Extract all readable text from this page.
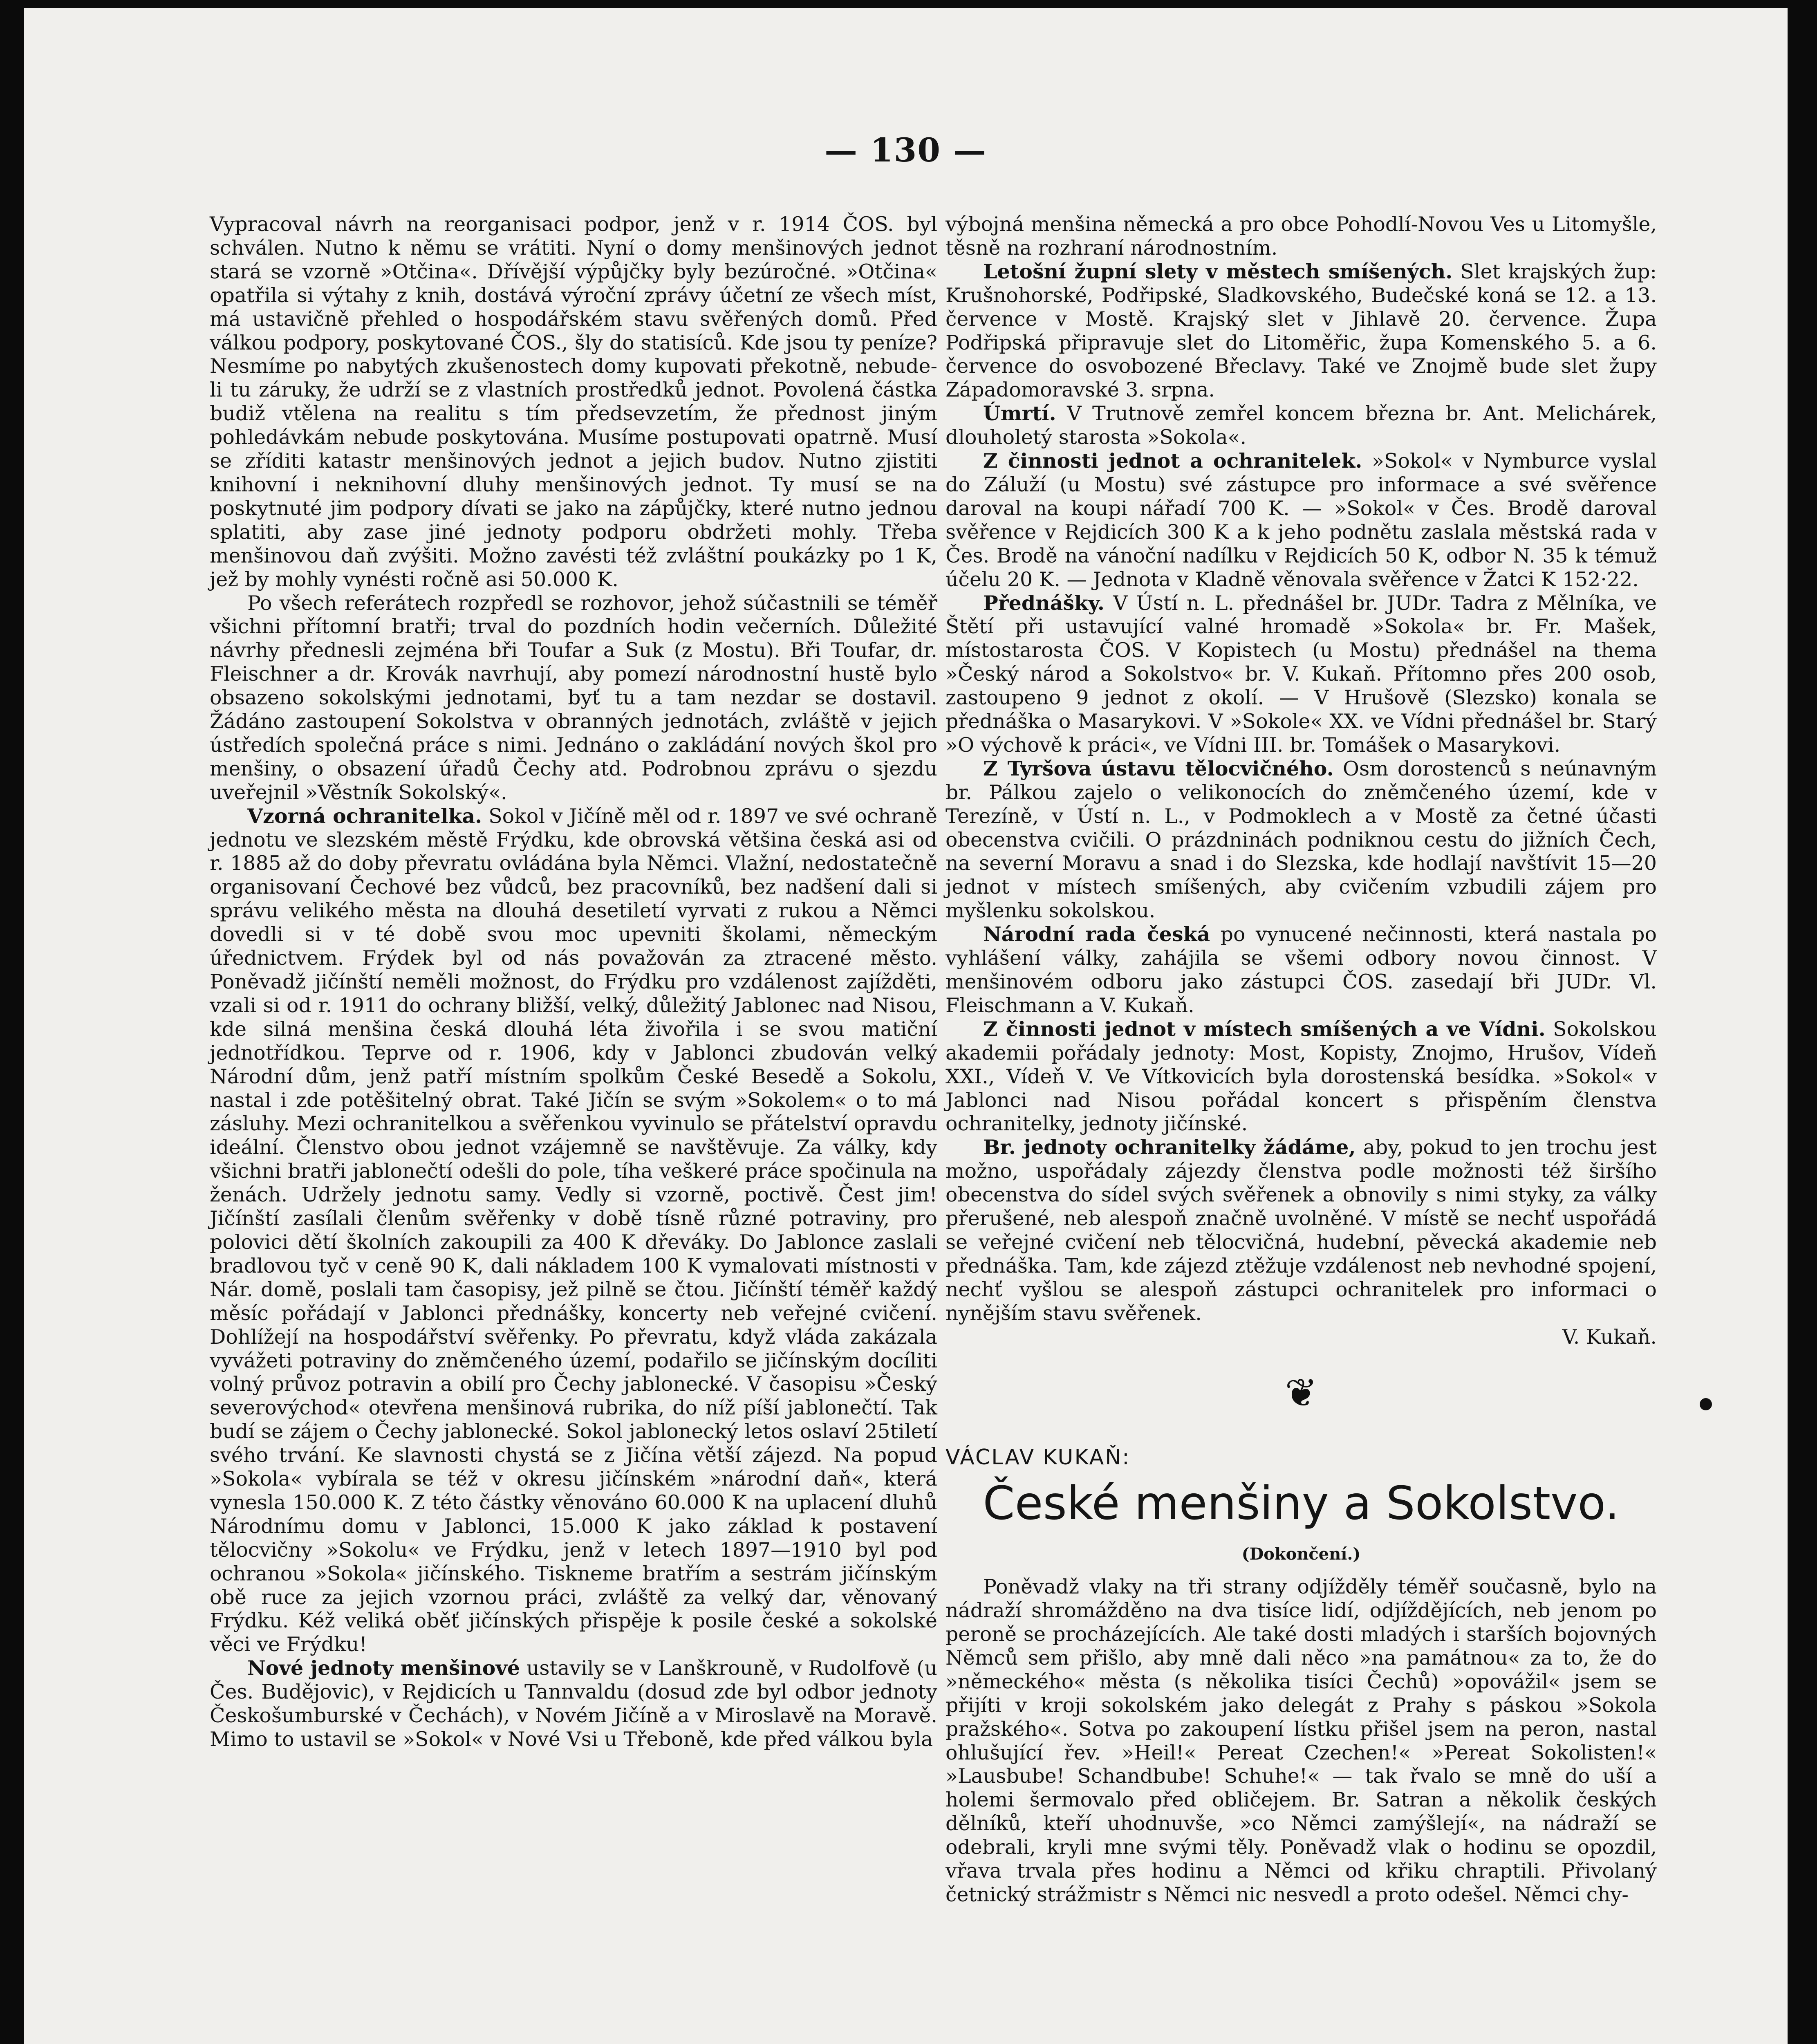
— 130 —

Vypracoval návrh na reorganisaci podpor, jenž v r. 1914 ČOS. byl schválen. Nutno k němu se vrátiti. Nyní o domy menšinových jednot stará se vzorně »Otčina«. Dřívější výpůjčky byly bezúročné. »Otčina« opatřila si výtahy z knih, dostává výroční zprávy účetní ze všech míst, má ustavičně přehled o hospodářském stavu svěřených domů. Před válkou podpory, poskytované ČOS., šly do statisíců. Kde jsou ty peníze? Nesmíme po nabytých zkušenostech domy kupovati překotně, nebude-li tu záruky, že udrží se z vlastních prostředků jednot. Povolená částka budiž vtělena na realitu s tím předsevzetím, že přednost jiným pohledávkám nebude poskytována. Musíme postupovati opatrně. Musí se zříditi katastr menšinových jednot a jejich budov. Nutno zjistiti knihovní i neknihovní dluhy menšinových jednot. Ty musí se na poskytnuté jim podpory dívati se jako na zápůjčky, které nutno jednou splatiti, aby zase jiné jednoty podporu obdržeti mohly. Třeba menšinovou daň zvýšiti. Možno zavésti též zvláštní poukázky po 1 K, jež by mohly vynésti ročně asi 50.000 K.

Po všech referátech rozpředl se rozhovor, jehož súčastnili se téměř všichni přítomní bratři; trval do pozdních hodin večerních. Důležité návrhy přednesli zejména bři Toufar a Suk (z Mostu). Bři Toufar, dr. Fleischner a dr. Krovák navrhují, aby pomezí národnostní hustě bylo obsazeno sokolskými jednotami, byť tu a tam nezdar se dostavil. Žádáno zastoupení Sokolstva v obranných jednotách, zvláště v jejich ústředích společná práce s nimi. Jednáno o zakládání nových škol pro menšiny, o obsazení úřadů Čechy atd. Podrobnou zprávu o sjezdu uveřejnil »Věstník Sokolský«.

Vzorná ochranitelka. Sokol v Jičíně měl od r. 1897 ve své ochraně jednotu ve slezském městě Frýdku, kde obrovská většina česká asi od r. 1885 až do doby převratu ovládána byla Němci. Vlažní, nedostatečně organisovaní Čechové bez vůdců, bez pracovníků, bez nadšení dali si správu velikého města na dlouhá desetiletí vyrvati z rukou a Němci dovedli si v té době svou moc upevniti školami, německým úřednictvem. Frýdek byl od nás považován za ztracené město. Poněvadž jičínští neměli možnost, do Frýdku pro vzdálenost zajížděti, vzali si od r. 1911 do ochrany bližší, velký, důležitý Jablonec nad Nisou, kde silná menšina česká dlouhá léta živořila i se svou matiční jednotřídkou. Teprve od r. 1906, kdy v Jablonci zbudován velký Národní dům, jenž patří místním spolkům České Besedě a Sokolu, nastal i zde potěšitelný obrat. Také Jičín se svým »Sokolem« o to má zásluhy. Mezi ochranitelkou a svěřenkou vyvinulo se přátelství opravdu ideální. Členstvo obou jednot vzájemně se navštěvuje. Za války, kdy všichni bratři jablonečtí odešli do pole, tíha veškeré práce spočinula na ženách. Udržely jednotu samy. Vedly si vzorně, poctivě. Čest jim! Jičínští zasílali členům svěřenky v době tísně různé potraviny, pro polovici dětí školních zakoupili za 400 K dřeváky. Do Jablonce zaslali bradlovou tyč v ceně 90 K, dali nákladem 100 K vymalovati místnosti v Nár. domě, poslali tam časopisy, jež pilně se čtou. Jičínští téměř každý měsíc pořádají v Jablonci přednášky, koncerty neb veřejné cvičení. Dohlížejí na hospodářství svěřenky. Po převratu, když vláda zakázala vyvážeti potraviny do zněmčeného území, podařilo se jičínským docíliti volný průvoz potravin a obilí pro Čechy jablonecké. V časopisu »Český severovýchod« otevřena menšinová rubrika, do níž píší jablonečtí. Tak budí se zájem o Čechy jablonecké. Sokol jablonecký letos oslaví 25tiletí svého trvání. Ke slavnosti chystá se z Jičína větší zájezd. Na popud »Sokola« vybírala se též v okresu jičínském »národní daň«, která vynesla 150.000 K. Z této částky věnováno 60.000 K na uplacení dluhů Národnímu domu v Jablonci, 15.000 K jako základ k postavení tělocvičny »Sokolu« ve Frýdku, jenž v letech 1897—1910 byl pod ochranou »Sokola« jičínského. Tiskneme bratřím a sestrám jičínským obě ruce za jejich vzornou práci, zvláště za velký dar, věnovaný Frýdku. Kéž veliká oběť jičínských přispěje k posile české a sokolské věci ve Frýdku!

Nové jednoty menšinové ustavily se v Lanškrouně, v Rudolfově (u Čes. Budějovic), v Rejdicích u Tannvaldu (dosud zde byl odbor jednoty Českošumburské v Čechách), v Novém Jičíně a v Miroslavě na Moravě. Mimo to ustavil se »Sokol« v Nové Vsi u Třeboně, kde před válkou byla

výbojná menšina německá a pro obce Pohodlí-Novou Ves u Litomyšle, těsně na rozhraní národnostním.

Letošní župní slety v městech smíšených. Slet krajských žup: Krušnohorské, Podřipské, Sladkovského, Budečské koná se 12. a 13. července v Mostě. Krajský slet v Jihlavě 20. července. Župa Podřipská připravuje slet do Litoměřic, župa Komenského 5. a 6. července do osvobozené Břeclavy. Také ve Znojmě bude slet župy Západomoravské 3. srpna.

Úmrtí. V Trutnově zemřel koncem března br. Ant. Melichárek, dlouholetý starosta »Sokola«.

Z činnosti jednot a ochranitelek. »Sokol« v Nymburce vyslal do Záluží (u Mostu) své zástupce pro informace a své svěřence daroval na koupi nářadí 700 K. — »Sokol« v Čes. Brodě daroval svěřence v Rejdicích 300 K a k jeho podnětu zaslala městská rada v Čes. Brodě na vánoční nadílku v Rejdicích 50 K, odbor N. 35 k témuž účelu 20 K. — Jednota v Kladně věnovala svěřence v Žatci K 152·22.

Přednášky. V Ústí n. L. přednášel br. JUDr. Tadra z Mělníka, ve Štětí při ustavující valné hromadě »Sokola« br. Fr. Mašek, místostarosta ČOS. V Kopistech (u Mostu) přednášel na thema »Český národ a Sokolstvo« br. V. Kukaň. Přítomno přes 200 osob, zastoupeno 9 jednot z okolí. — V Hrušově (Slezsko) konala se přednáška o Masarykovi. V »Sokole« XX. ve Vídni přednášel br. Starý »O výchově k práci«, ve Vídni III. br. Tomášek o Masarykovi.

Z Tyršova ústavu tělocvičného. Osm dorostenců s neúnavným br. Pálkou zajelo o velikonocích do zněmčeného území, kde v Terezíně, v Ústí n. L., v Podmoklech a v Mostě za četné účasti obecenstva cvičili. O prázdninách podniknou cestu do jižních Čech, na severní Moravu a snad i do Slezska, kde hodlají navštívit 15—20 jednot v místech smíšených, aby cvičením vzbudili zájem pro myšlenku sokolskou.

Národní rada česká po vynucené nečinnosti, která nastala po vyhlášení války, zahájila se všemi odbory novou činnost. V menšinovém odboru jako zástupci ČOS. zasedají bři JUDr. Vl. Fleischmann a V. Kukaň.

Z činnosti jednot v místech smíšených a ve Vídni. Sokolskou akademii pořádaly jednoty: Most, Kopisty, Znojmo, Hrušov, Vídeň XXI., Vídeň V. Ve Vítkovicích byla dorostenská besídka. »Sokol« v Jablonci nad Nisou pořádal koncert s přispěním členstva ochranitelky, jednoty jičínské.

Br. jednoty ochranitelky žádáme, aby, pokud to jen trochu jest možno, uspořádaly zájezdy členstva podle možnosti též širšího obecenstva do sídel svých svěřenek a obnovily s nimi styky, za války přerušené, neb alespoň značně uvolněné. V místě se nechť uspořádá se veřejné cvičení neb tělocvičná, hudební, pěvecká akademie neb přednáška. Tam, kde zájezd ztěžuje vzdálenost neb nevhodné spojení, nechť vyšlou se alespoň zástupci ochranitelek pro informaci o nynějším stavu svěřenek.
V. Kukaň.

❦
VÁCLAV KUKAŇ:
České menšiny a Sokolstvo.
(Dokončení.)

Poněvadž vlaky na tři strany odjížděly téměř současně, bylo na nádraží shromážděno na dva tisíce lidí, odjíždějících, neb jenom po peroně se procházejících. Ale také dosti mladých i starších bojovných Němců sem přišlo, aby mně dali něco »na památnou« za to, že do »německého« města (s několika tisíci Čechů) »opovážil« jsem se přijíti v kroji sokolském jako delegát z Prahy s páskou »Sokola pražského«. Sotva po zakoupení lístku přišel jsem na peron, nastal ohlušující řev. »Heil!« Pereat Czechen!« »Pereat Sokolisten!« »Lausbube! Schandbube! Schuhe!« — tak řvalo se mně do uší a holemi šermovalo před obličejem. Br. Satran a několik českých dělníků, kteří uhodnuvše, »co Němci zamýšlejí«, na nádraží se odebrali, kryli mne svými těly. Poněvadž vlak o hodinu se opozdil, vřava trvala přes hodinu a Němci od křiku chraptili. Přivolaný četnický strážmistr s Němci nic nesvedl a proto odešel. Němci chy-
